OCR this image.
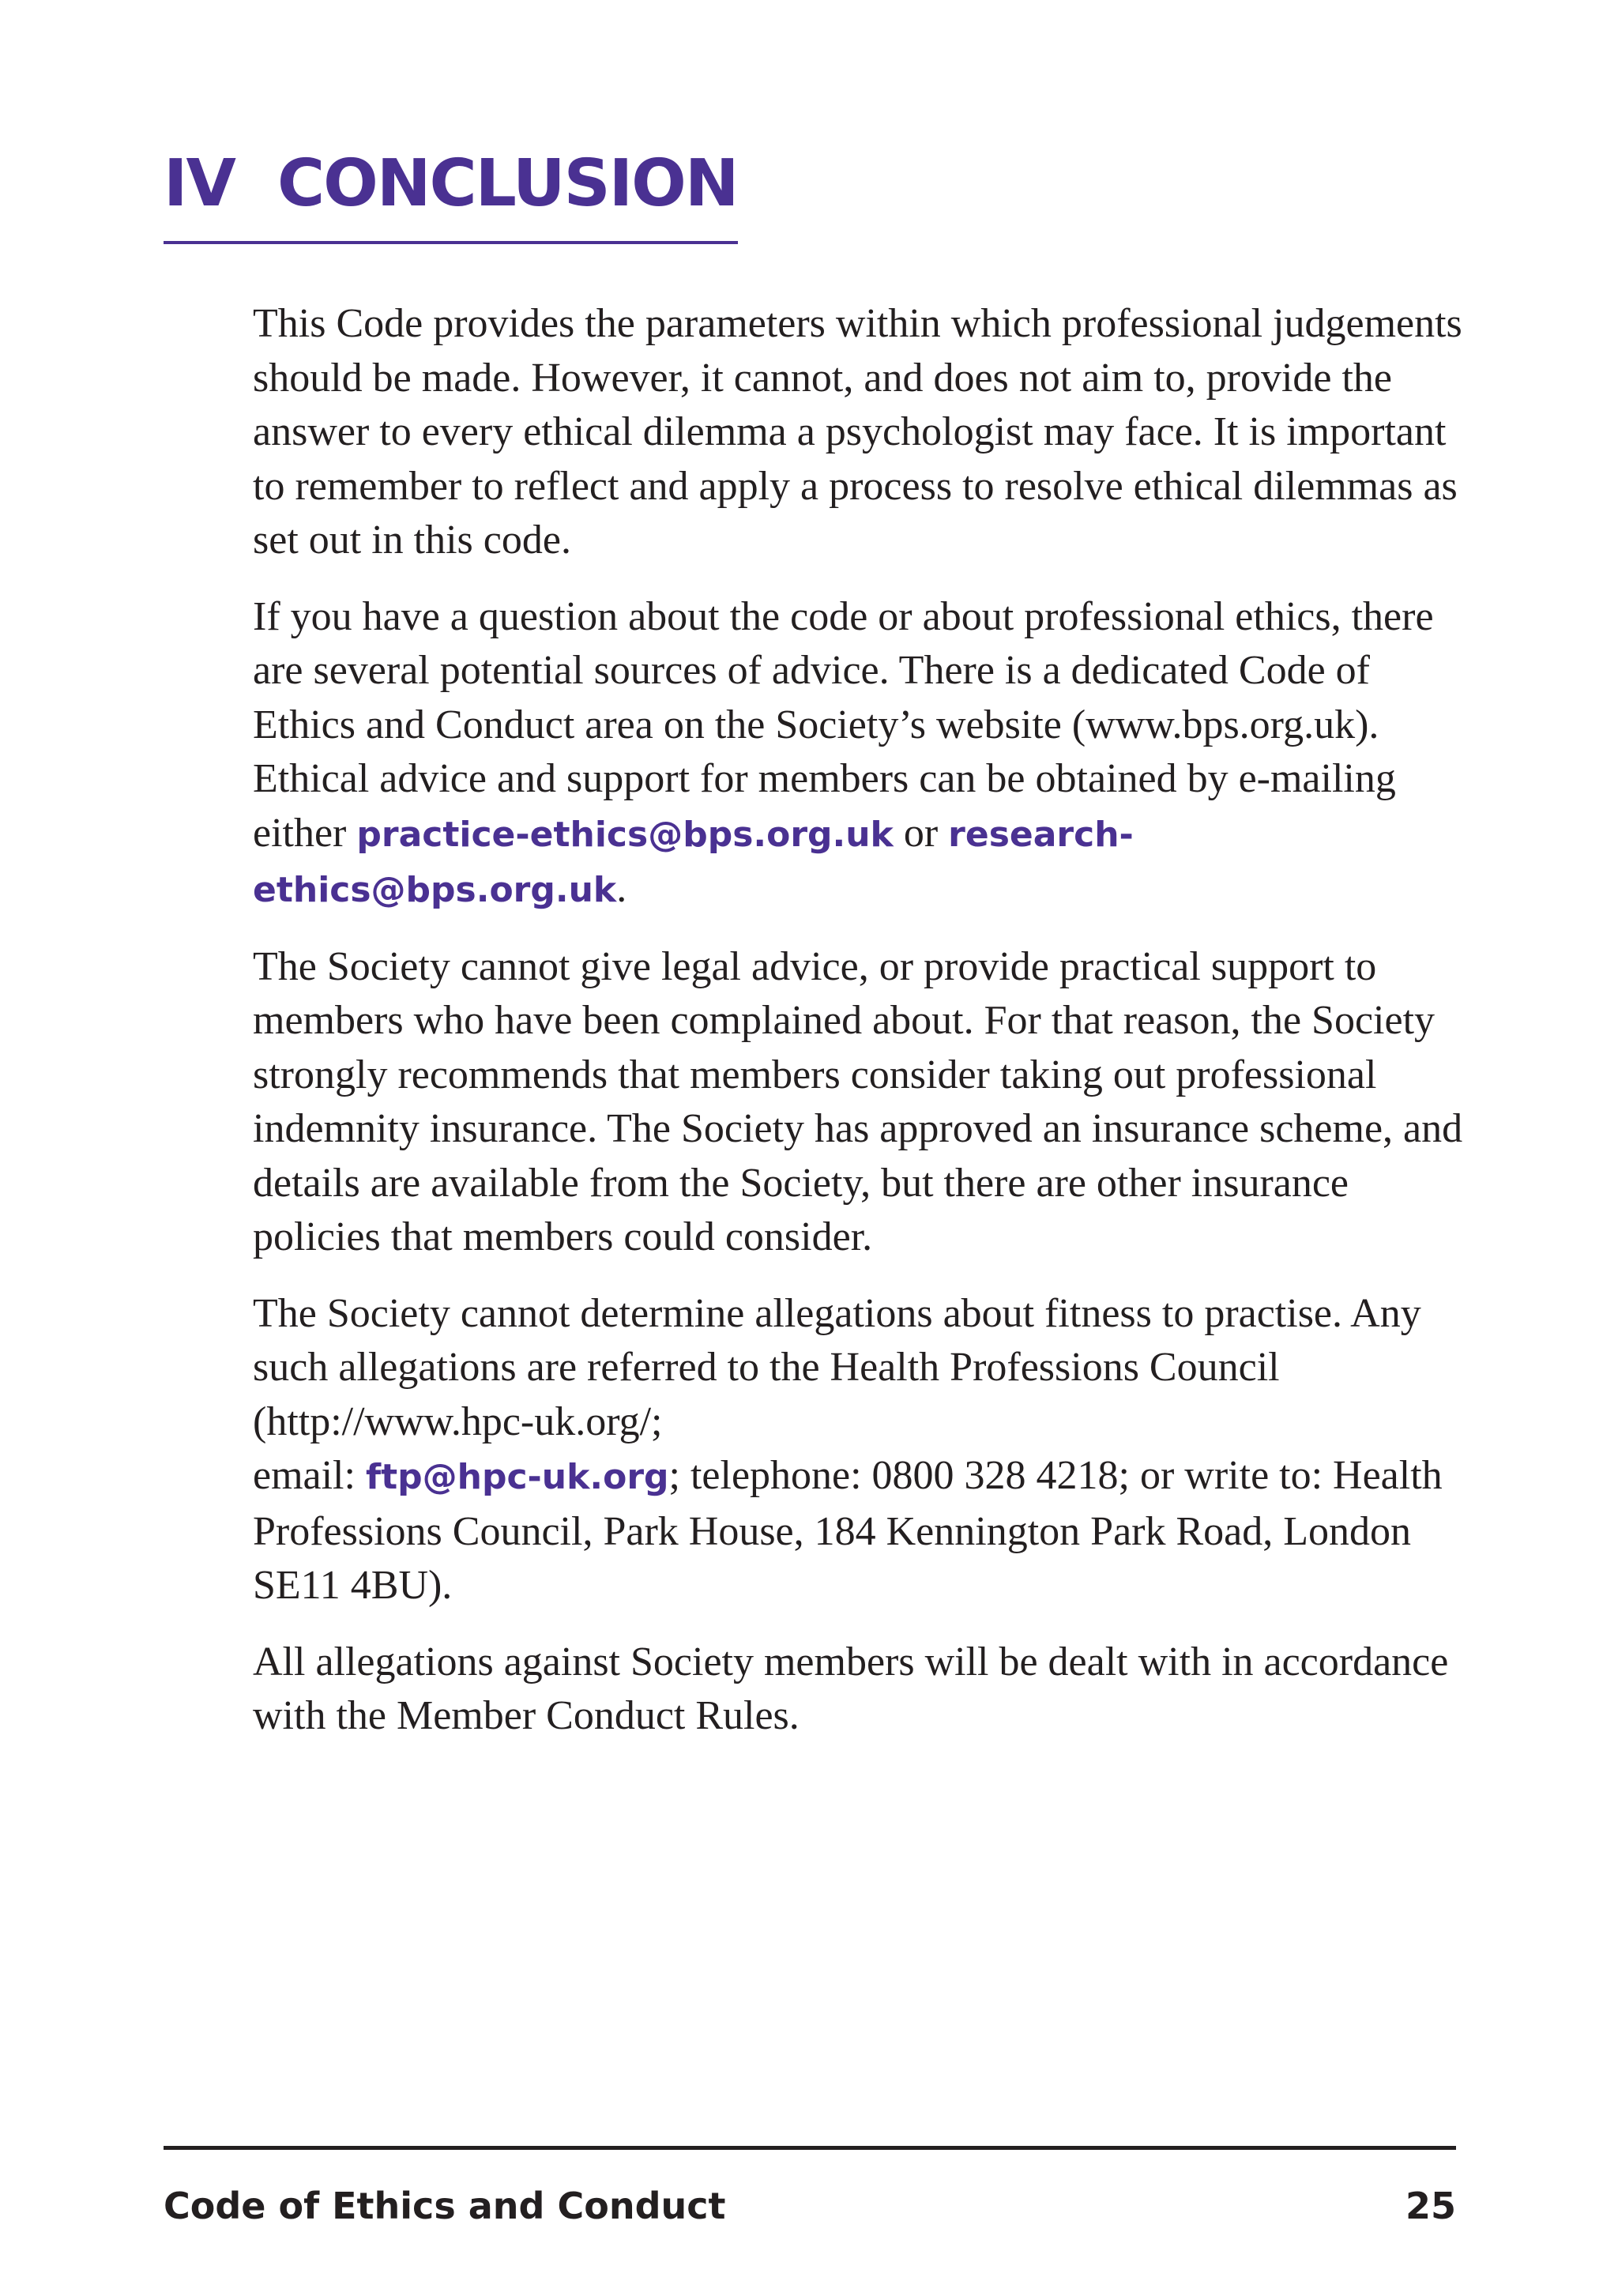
IV CONCLUSION

This Code provides the parameters within which professional judgements should be made. However, it cannot, and does not aim to, provide the answer to every ethical dilemma a psychologist may face. It is important to remember to reflect and apply a process to resolve ethical dilemmas as set out in this code.

If you have a question about the code or about professional ethics, there are several potential sources of advice. There is a dedicated Code of Ethics and Conduct area on the Society’s website (www.bps.org.uk). Ethical advice and support for members can be obtained by e-mailing either practice-ethics@bps.org.uk or research-ethics@bps.org.uk.

The Society cannot give legal advice, or provide practical support to members who have been complained about. For that reason, the Society strongly recommends that members consider taking out professional indemnity insurance. The Society has approved an insurance scheme, and details are available from the Society, but there are other insurance policies that members could consider.

The Society cannot determine allegations about fitness to practise. Any such allegations are referred to the Health Professions Council (http://www.hpc-uk.org/;
email: ftp@hpc-uk.org; telephone: 0800 328 4218; or write to: Health Professions Council, Park House, 184 Kennington Park Road, London SE11 4BU).

All allegations against Society members will be dealt with in accordance with the Member Conduct Rules.

Code of Ethics and Conduct	25
